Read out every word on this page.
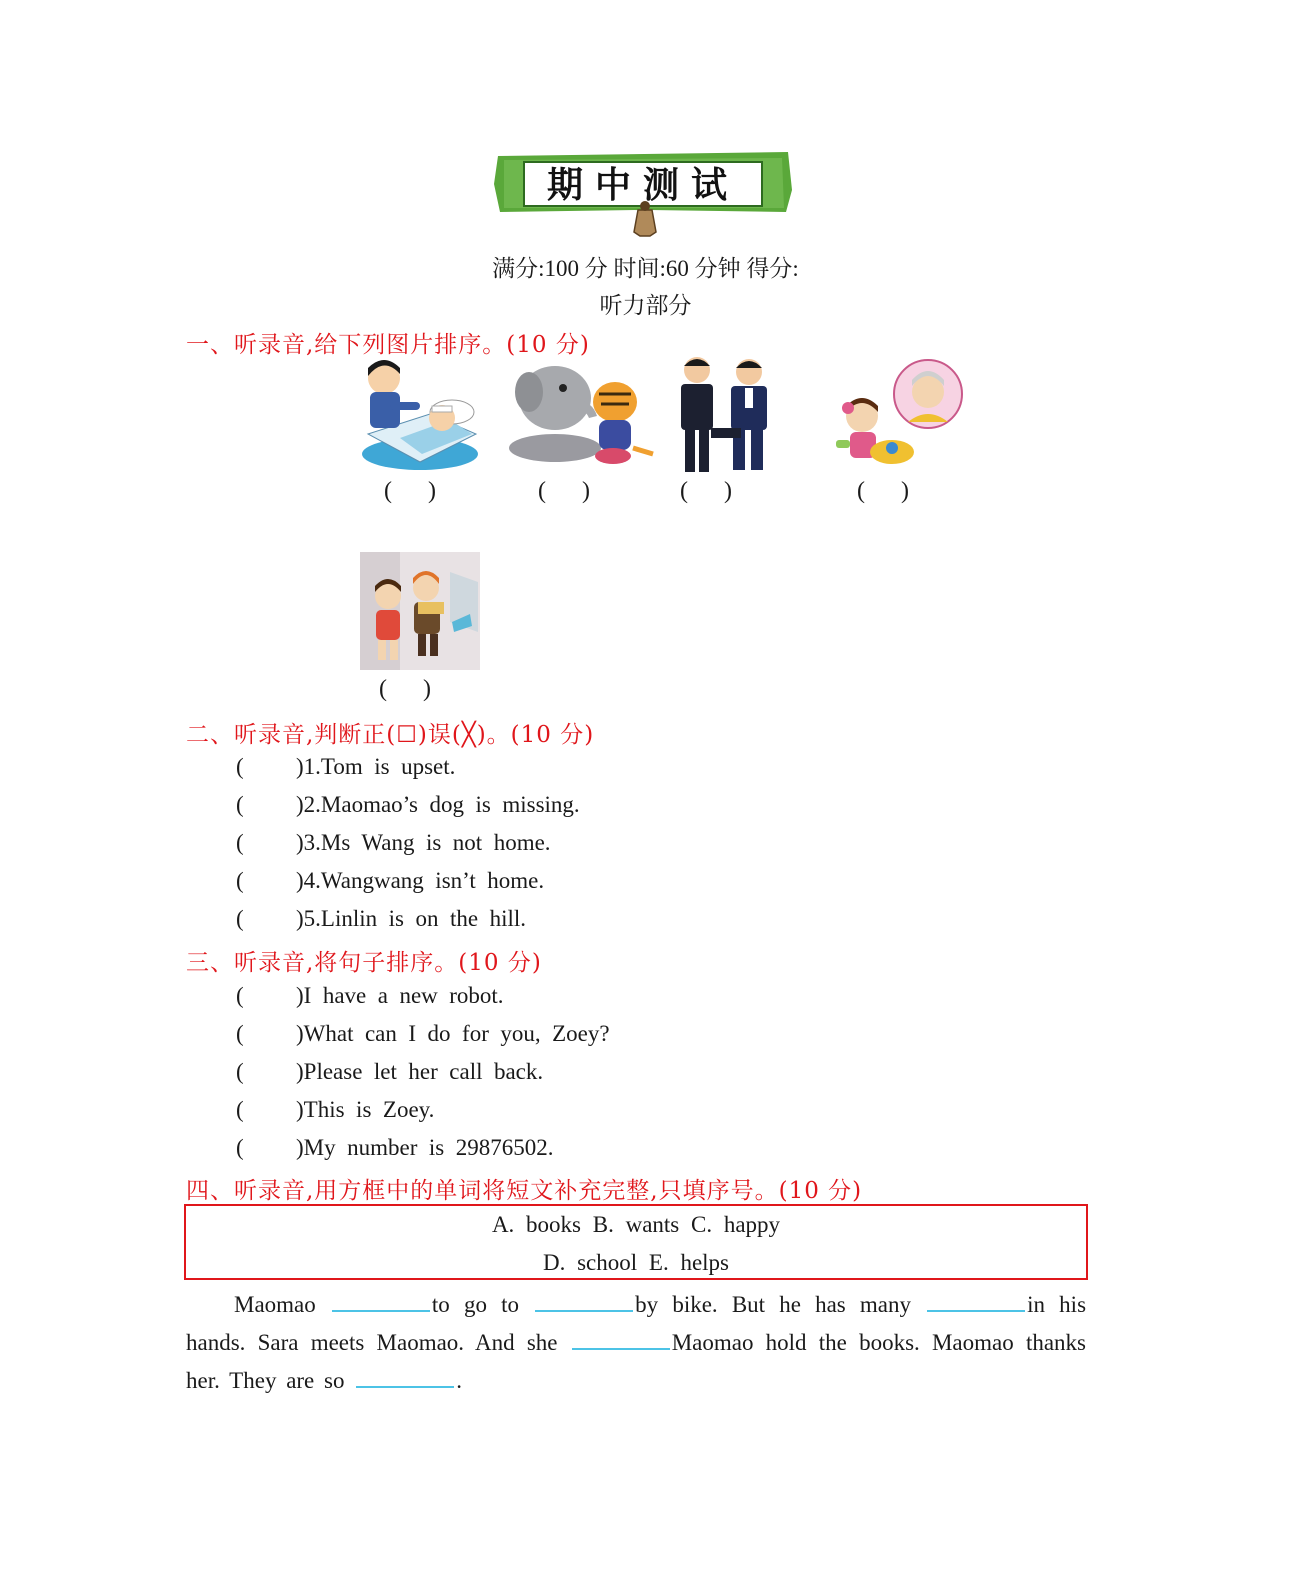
期中测试
满分:100 分 时间:60 分钟 得分:
听力部分
一、听录音,给下列图片排序。(10 分)
(      )	(      )	(      )	(      )
(      )
二、听录音,判断正(☐)误(╳)。(10 分)
( )1.Tom  is  upset.
( )2.Maomao’s  dog  is  missing.
( )3.Ms  Wang  is  not  home.
( )4.Wangwang  isn’t  home.
( )5.Linlin  is  on  the  hill.
三、听录音,将句子排序。(10 分)
( )I  have  a  new  robot.
( )What  can  I  do  for  you,  Zoey?
( )Please  let  her  call  back.
( )This  is  Zoey.
( )My  number  is  29876502.
四、听录音,用方框中的单词将短文补充完整,只填序号。(10 分)
A. books B. wants C. happy
D. school E. helps

Maomao	to go to	by bike. But he has many	in his hands. Sara meets Maomao. And she	Maomao hold the books. Maomao thanks her. They are so	.
